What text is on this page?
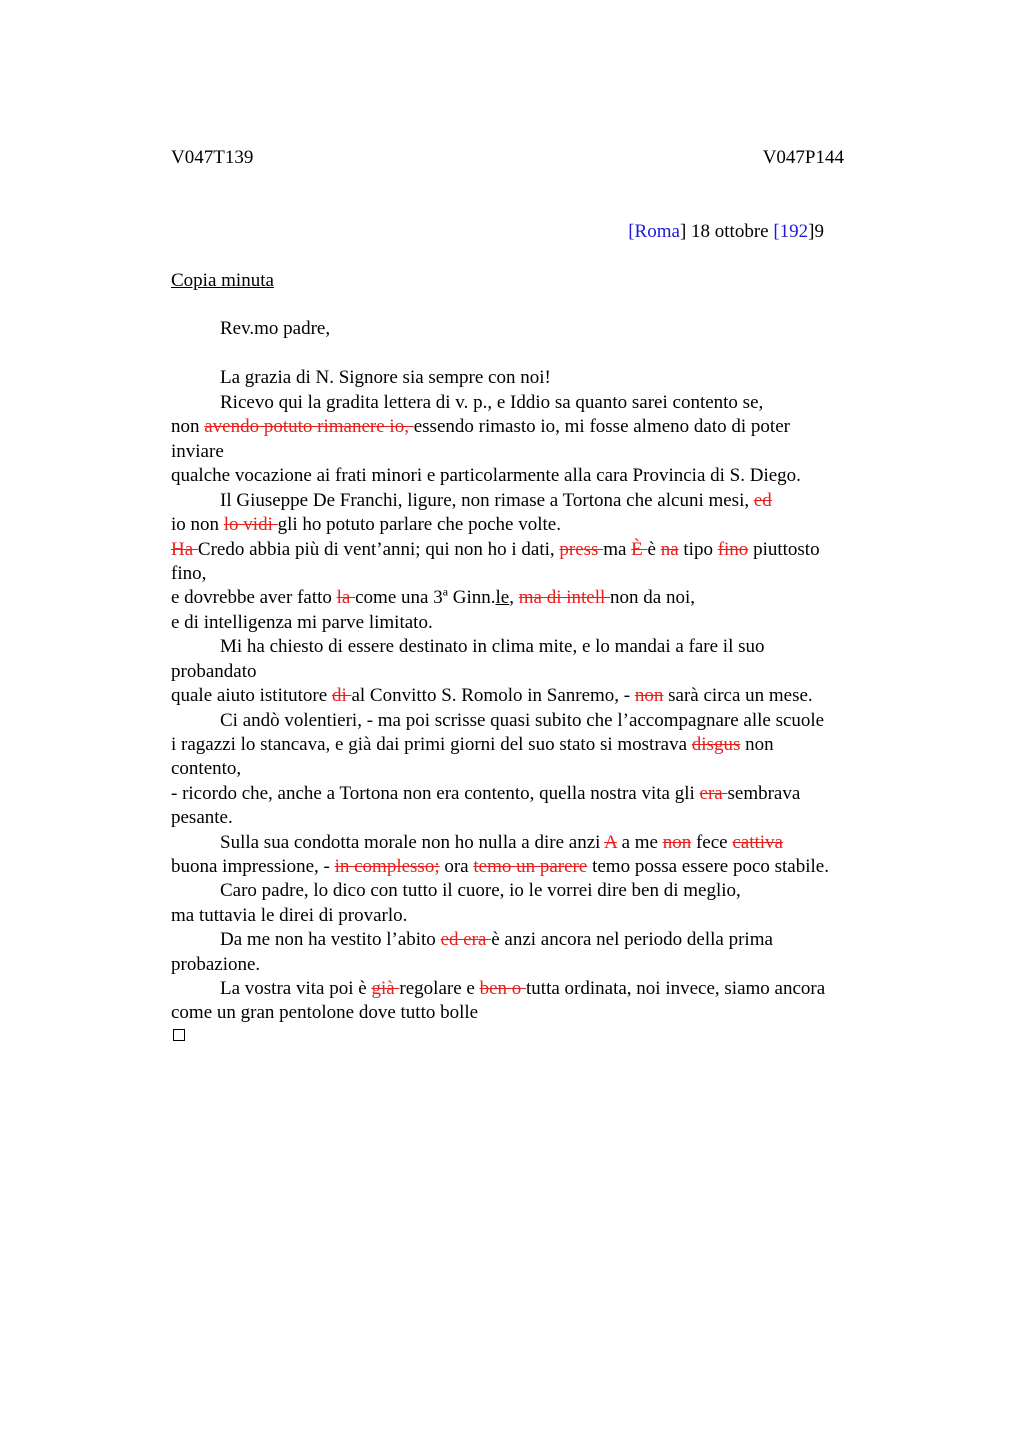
V047T139	V047P144
[Roma] 18 ottobre [192]9
Copia minuta
Rev.mo padre,
La grazia di N. Signore sia sempre con noi!
Ricevo qui la gradita lettera di v. p., e Iddio sa quanto sarei contento se,
non avendo potuto rimanere io, essendo rimasto io, mi fosse almeno dato di poter
inviare
qualche vocazione ai frati minori e particolarmente alla cara Provincia di S. Diego.
Il Giuseppe De Franchi, ligure, non rimase a Tortona che alcuni mesi, ed
io non lo vidi gli ho potuto parlare che poche volte.
Ha Credo abbia più di vent’anni; qui non ho i dati, press ma È è na tipo fino piuttosto
fino,
e dovrebbe aver fatto la come una 3$^a$ Ginn.le, ma di intell non da noi,
e di intelligenza mi parve limitato.
Mi ha chiesto di essere destinato in clima mite, e lo mandai a fare il suo
probandato
quale aiuto istitutore di al Convitto S. Romolo in Sanremo, - non sarà circa un mese.
Ci andò volentieri, - ma poi scrisse quasi subito che l’accompagnare alle scuole
i ragazzi lo stancava, e già dai primi giorni del suo stato si mostrava disgus non
contento,
- ricordo che, anche a Tortona non era contento, quella nostra vita gli era sembrava
pesante.
Sulla sua condotta morale non ho nulla a dire anzi A a me non fece cattiva
buona impressione, - in complesso; ora temo un parere temo possa essere poco stabile.
Caro padre, lo dico con tutto il cuore, io le vorrei dire ben di meglio,
ma tuttavia le direi di provarlo.
Da me non ha vestito l’abito ed era è anzi ancora nel periodo della prima
probazione.
La vostra vita poi è già regolare e ben o tutta ordinata, noi invece, siamo ancora
come un gran pentolone dove tutto bolle
